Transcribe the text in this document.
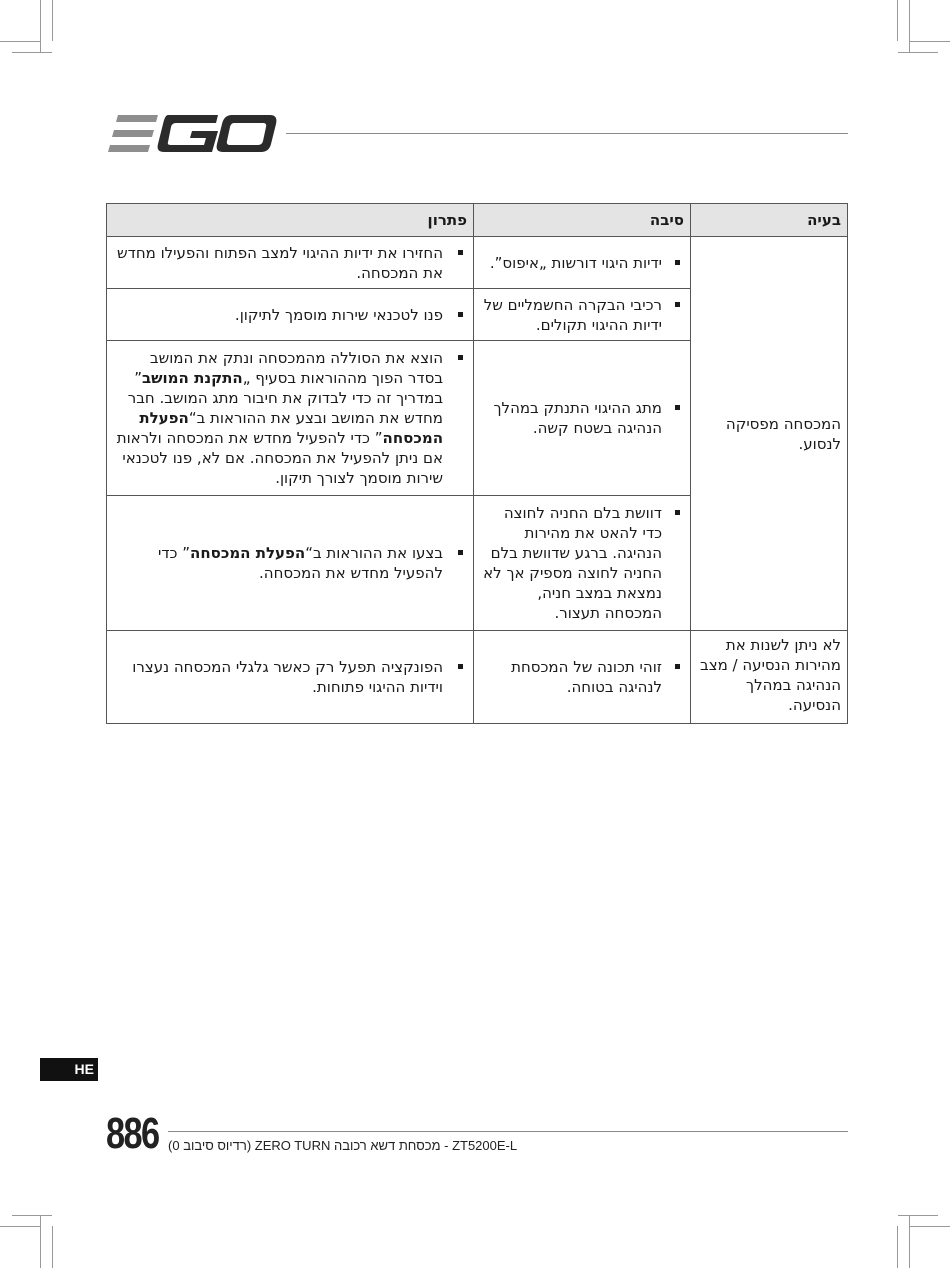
בעיה	סיבה	פתרון
המכסחה מפסיקה לנסוע.	ידיות היגוי דורשות „איפוס”.	החזירו את ידיות ההיגוי למצב הפתוח והפעילו מחדש את המכסחה.

	רכיבי הבקרה החשמליים של ידיות ההיגוי תקולים.	פנו לטכנאי שירות מוסמך לתיקון.

	מתג ההיגוי התנתק במהלך הנהיגה בשטח קשה.	הוצא את הסוללה מהמכסחה ונתק את המושב בסדר הפוך מההוראות בסעיף „התקנת המושב” במדריך זה כדי לבדוק את חיבור מתג המושב. חבר מחדש את המושב ובצע את ההוראות ב“הפעלת המכסחה” כדי להפעיל מחדש את המכסחה ולראות אם ניתן להפעיל את המכסחה. אם לא, פנו לטכנאי שירות מוסמך לצורך תיקון.

	דוושת בלם החניה לחוצה כדי להאט את מהירות הנהיגה. ברגע שדוושת בלם החניה לחוצה מספיק אך לא נמצאת במצב חניה, המכסחה תעצור.	בצעו את ההוראות ב“הפעלת המכסחה” כדי להפעיל מחדש את המכסחה.

לא ניתן לשנות את מהירות הנסיעה / מצב הנהיגה במהלך הנסיעה.	זוהי תכונה של המכסחת לנהיגה בטוחה.	הפונקציה תפעל רק כאשר גלגלי המכסחה נעצרו וידיות ההיגוי פתוחות.
HE
886 (רדיוס סיבוב 0) ZERO TURN מכסחת דשא רכובה - ZT5200E-L
